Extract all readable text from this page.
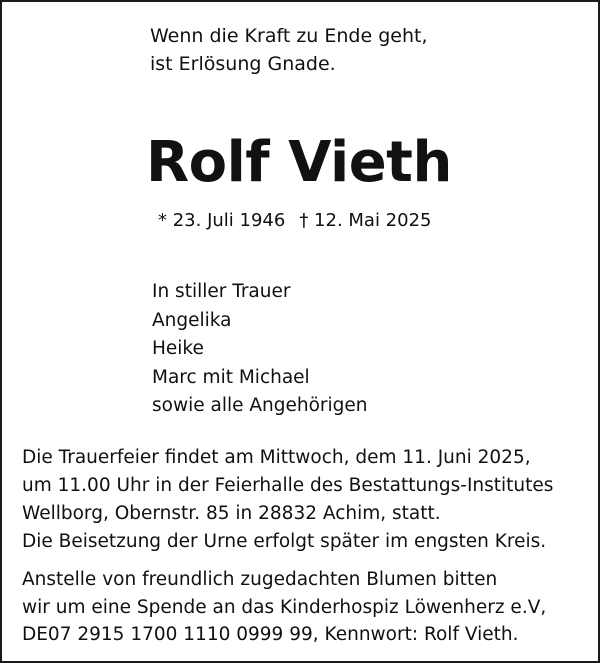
Wenn die Kraft zu Ende geht,
ist Erlösung Gnade.
Rolf Vieth
* 23. Juli 1946 † 12. Mai 2025
In stiller Trauer
Angelika
Heike
Marc mit Michael
sowie alle Angehörigen
Die Trauerfeier findet am Mittwoch, dem 11. Juni 2025,
um 11.00 Uhr in der Feierhalle des Bestattungs-Institutes
Wellborg, Obernstr. 85 in 28832 Achim, statt.
Die Beisetzung der Urne erfolgt später im engsten Kreis.
Anstelle von freundlich zugedachten Blumen bitten
wir um eine Spende an das Kinderhospiz Löwenherz e.V,
DE07 2915 1700 1110 0999 99, Kennwort: Rolf Vieth.
